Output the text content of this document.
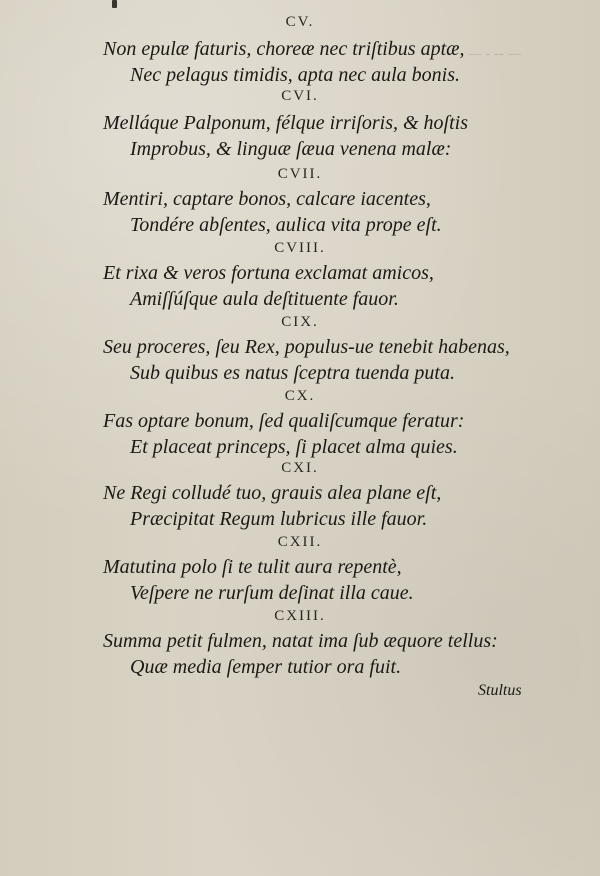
— ‑‑ ‑ —
CV.
Non epulæ faturis, choreæ nec triſtibus aptæ,
Nec pelagus timidis, apta nec aula bonis.
CVI.
Melláque Palponum, félque irriſoris, & hoſtis
Improbus, & linguæ ſæua venena malæ:
CVII.
Mentiri, captare bonos, calcare iacentes,
Tondére abſentes, aulica vita prope eſt.
CVIII.
Et rixa & veros fortuna exclamat amicos,
Amiſſúſque aula deſtituente fauor.
CIX.
Seu proceres, ſeu Rex, populus-ue tenebit habenas,
Sub quibus es natus ſceptra tuenda puta.
CX.
Fas optare bonum, ſed qualiſcumque feratur:
Et placeat princeps, ſi placet alma quies.
CXI.
Ne Regi colludé tuo, grauis alea plane eſt,
Præcipitat Regum lubricus ille fauor.
CXII.
Matutina polo ſi te tulit aura repentè,
Veſpere ne rurſum deſinat illa caue.
CXIII.
Summa petit fulmen, natat ima ſub æquore tellus:
Quæ media ſemper tutior ora fuit.
Stultus
